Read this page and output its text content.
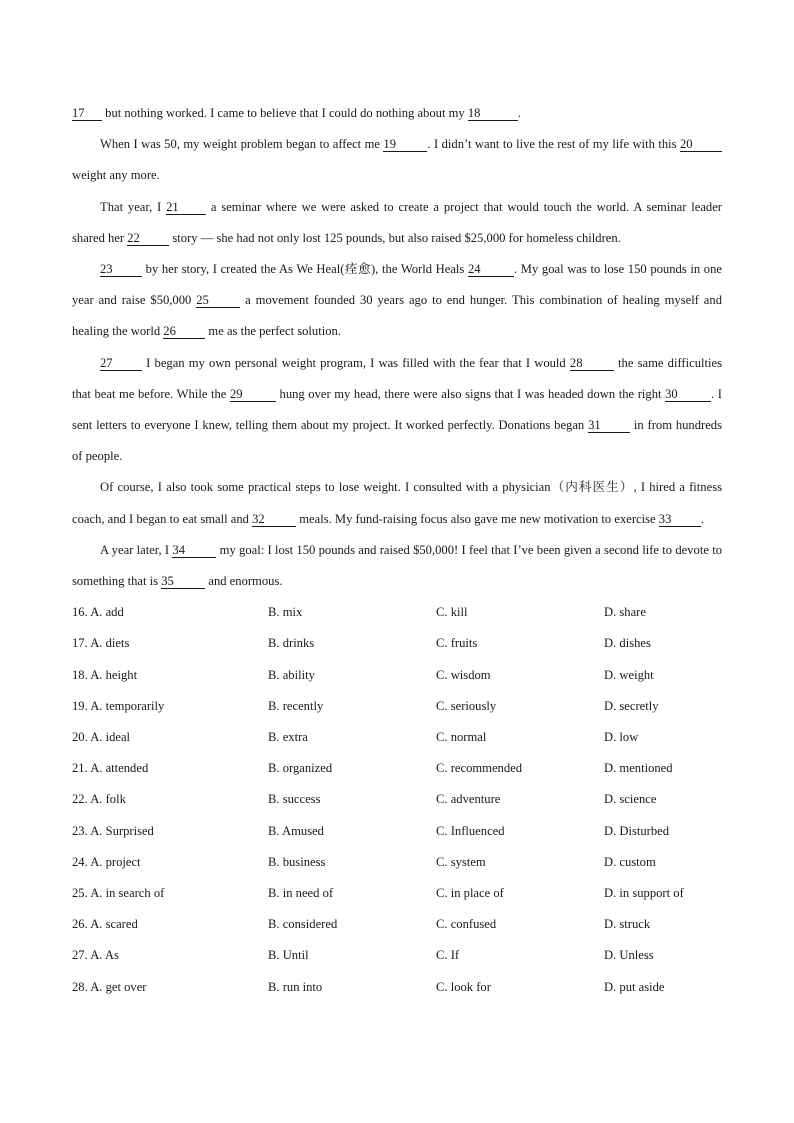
17 but nothing worked. I came to believe that I could do nothing about my 18	.

When I was 50, my weight problem began to affect me 19 . I didn’t want to live the rest of my life with this 20 weight any more.

That year, I 21 a seminar where we were asked to create a project that would touch the world. A seminar leader shared her 22 story — she had not only lost 125 pounds, but also raised $25,000 for homeless children.

23 by her story, I created the As We Heal(痊愈), the World Heals 24	. My goal was to lose 150 pounds in one year and raise $50,000 25 a movement founded 30 years ago to end hunger. This combination of healing myself and healing the world 26 me as the perfect solution.

27 I began my own personal weight program, I was filled with the fear that I would 28 the same difficulties that beat me before. While the 29	hung over my head, there were also signs that I was headed down the right 30	. I sent letters to everyone I knew, telling them about my project. It worked perfectly. Donations began 31 in from hundreds of people.

Of course, I also took some practical steps to lose weight. I consulted with a physician（内科医生）, I hired a fitness coach, and I began to eat small and 32 meals. My fund-raising focus also gave me new motivation to exercise 33 .

A year later, I 34 my goal: I lost 150 pounds and raised $50,000! I feel that I’ve been given a second life to devote to something that is 35 and enormous.

16. A. add	B. mix	C. kill	D. share
17. A. diets	B. drinks	C. fruits	D. dishes
18. A. height	B. ability	C. wisdom	D. weight
19. A. temporarily	B. recently	C. seriously	D. secretly
20. A. ideal	B. extra	C. normal	D. low
21. A. attended	B. organized	C. recommended	D. mentioned
22. A. folk	B. success	C. adventure	D. science
23. A. Surprised	B. Amused	C. Influenced	D. Disturbed
24. A. project	B. business	C. system	D. custom
25. A. in search of	B. in need of	C. in place of	D. in support of
26. A. scared	B. considered	C. confused	D. struck
27. A. As	B. Until	C. If	D. Unless
28. A. get over	B. run into	C. look for	D. put aside
